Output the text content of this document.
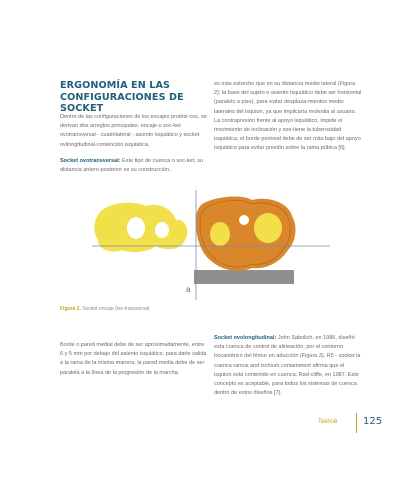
ERGONOMÍA EN LAS CONFIGURACIONES DE SOCKET
Dentro de las configuraciones de los encajes protési-cos, se derivan dos arreglos principales: encaje o soc-ket ovotransversal - cuadrilateral - asiento isquiático y socket ovilongitudinal-contención isquiática.
Socket ovotransversal: Este tipo de cuenca o soc-ket, su distancia antero-posterior es su construcción,
es más estrecho que en su distancia medio lateral (Figura 2); la base del sujeto o asiento isquiático debe ser horizontal (paralelo a piso), para evitar desplaza-mientos medio laterales del isquion, ya que implicaría molestia al usuario. La contrapresión frente al apoyo isquiático, impide el movimiento de inclinación y sos-tiene la tuberosidad isquiática, el borde perineal debe de ser más bajo del apoyo isquiático para evitar presión sobre la rama púbica [6].
a
Figura 2. Socket encaje 0vo-transversal
Borde o pared medial debe de ser aproximadamente, entre 6 y 5 mm por debajo del asiento isquiático, para darle salida a la rama de la misma manera, la pared media debe de ser paralela a la línea de la progresión de la marcha.
Socket ovolongitudinal: John Sabolich, en 1986, diseñó esta cuenca de control de alineación, por el contorno trocantérico del fémur en aducción (Figura 3). R5 - socket la cuenca ramus and ischium containment afirma que el isquion está contenido en cuenca. Rad-cliffe, en 1987. Este concepto es aceptable, para todos los sistemas de cuenca dentro de estos diseños [7].
Tekhnê	125
